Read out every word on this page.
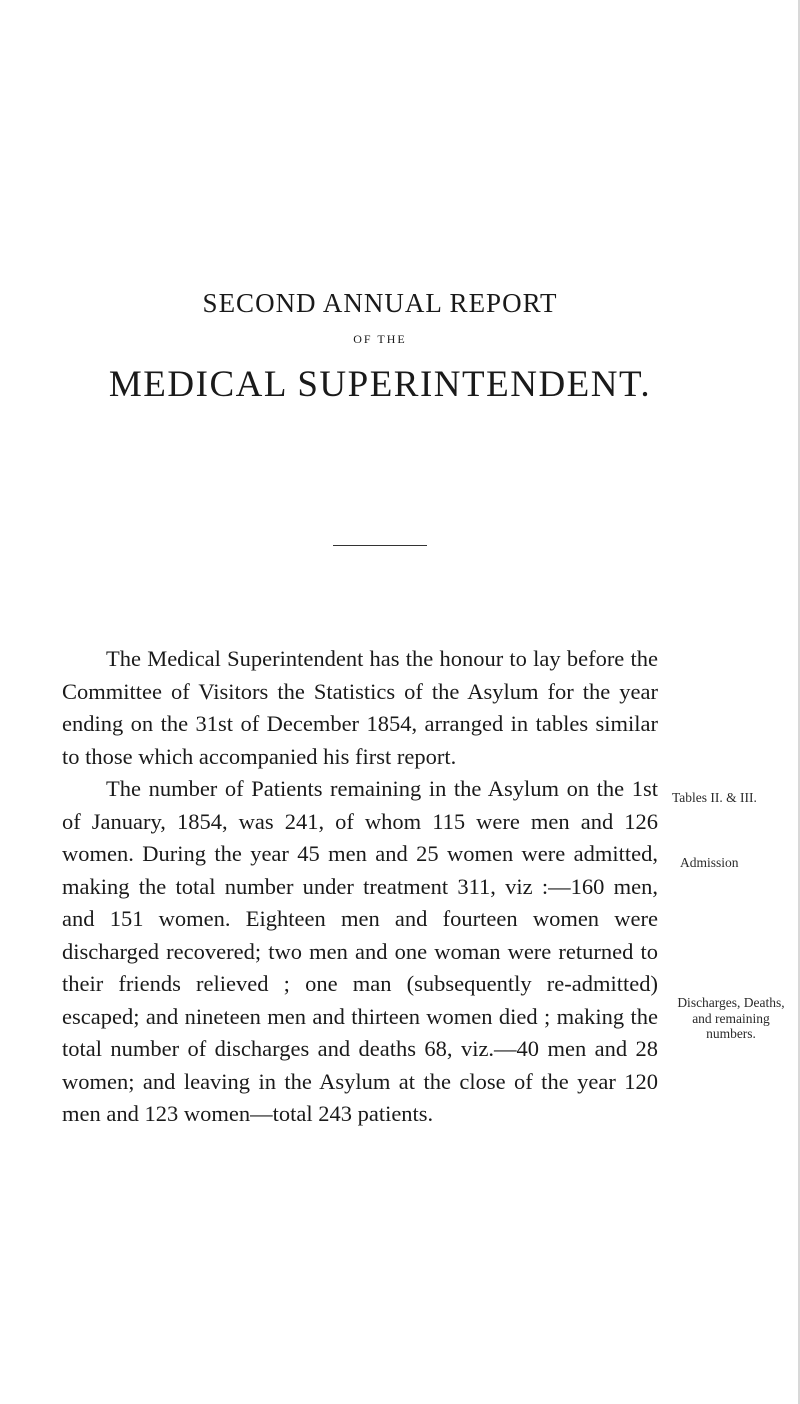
SECOND ANNUAL REPORT
OF THE
MEDICAL SUPERINTENDENT.

The Medical Superintendent has the honour to lay before the Committee of Visitors the Statistics of the Asylum for the year ending on the 31st of December 1854, arranged in tables similar to those which accompanied his first report.

The number of Patients remaining in the Asylum on the 1st of January, 1854, was 241, of whom 115 were men and 126 women. During the year 45 men and 25 women were admitted, making the total number under treatment 311, viz :—160 men, and 151 women. Eighteen men and fourteen women were discharged recovered; two men and one woman were returned to their friends relieved ; one man (subsequently re-admitted) escaped; and nineteen men and thirteen women died ; making the total number of discharges and deaths 68, viz.—40 men and 28 women; and leaving in the Asylum at the close of the year 120 men and 123 women—total 243 patients.

Tables II. & III.
Admission
Discharges, Deaths, and remaining numbers.
